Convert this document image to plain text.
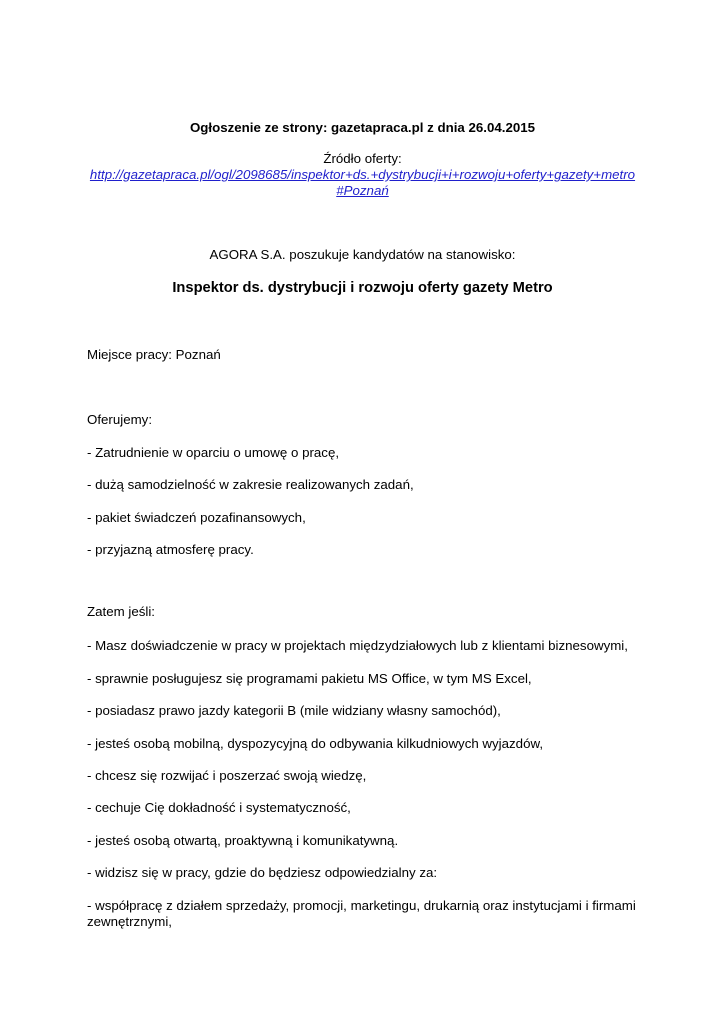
Ogłoszenie ze strony: gazetapraca.pl z dnia 26.04.2015
Źródło oferty:
http://gazetapraca.pl/ogl/2098685/inspektor+ds.+dystrybucji+i+rozwoju+oferty+gazety+metro
#Poznań
AGORA S.A. poszukuje kandydatów na stanowisko:
Inspektor ds. dystrybucji i rozwoju oferty gazety Metro
Miejsce pracy: Poznań
Oferujemy:
- Zatrudnienie w oparciu o umowę o pracę,
- dużą samodzielność w zakresie realizowanych zadań,
- pakiet świadczeń pozafinansowych,
- przyjazną atmosferę pracy.
Zatem jeśli:
- Masz doświadczenie w pracy w projektach międzydziałowych lub z klientami biznesowymi,
- sprawnie posługujesz się programami pakietu MS Office, w tym MS Excel,
- posiadasz prawo jazdy kategorii B (mile widziany własny samochód),
- jesteś osobą mobilną, dyspozycyjną do odbywania kilkudniowych wyjazdów,
- chcesz się rozwijać i poszerzać swoją wiedzę,
- cechuje Cię dokładność i systematyczność,
- jesteś osobą otwartą, proaktywną i komunikatywną.
- widzisz się w pracy, gdzie do będziesz odpowiedzialny za:
- współpracę z działem sprzedaży, promocji, marketingu, drukarnią oraz instytucjami i firmami zewnętrznymi,
